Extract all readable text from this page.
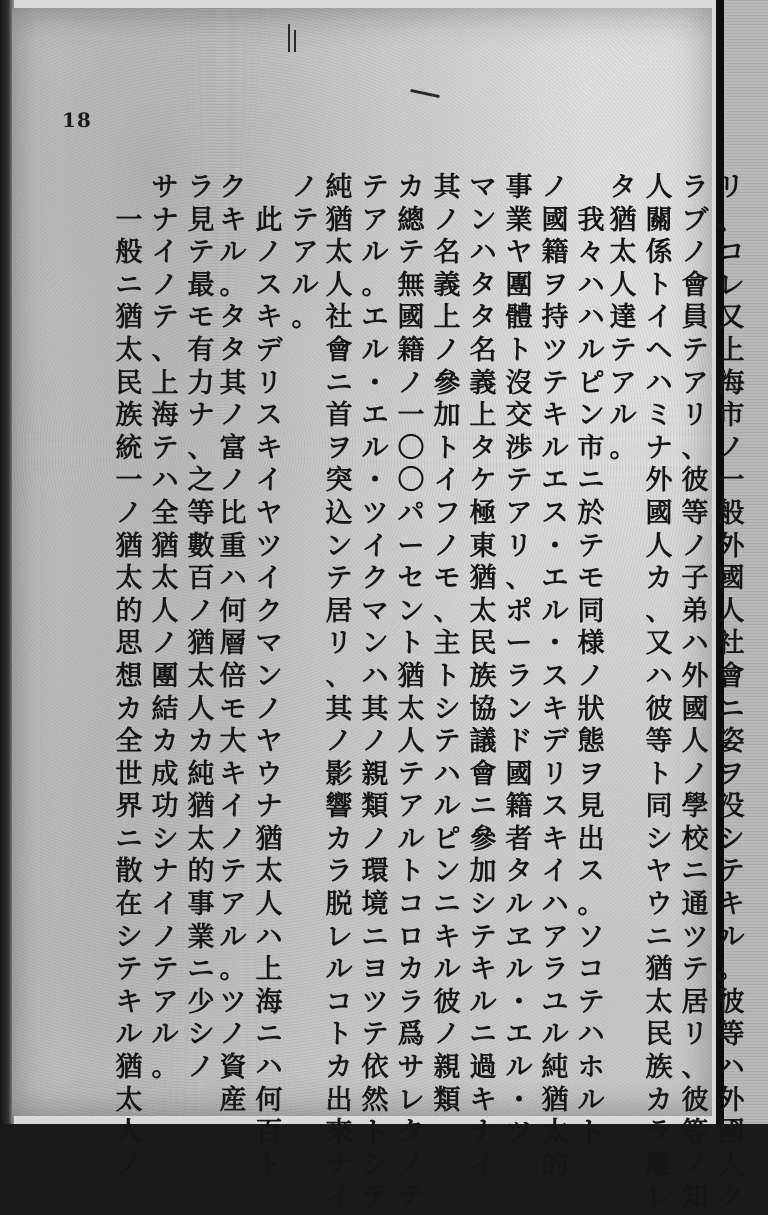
18
リ、コレ又上海市ノ一般外國人社會ニ姿ヲ没シテキル。彼等ハ外國人ク
ラブノ會員テアリ、彼等ノ子弟ハ外國人ノ學校ニ通ツテ居リ、彼等ノ知
人關係トイヘハミナ外國人カ、又ハ彼等ト同シヤウニ猶太民族カラ離レ
タ猶太人達テアル。
　我々ハハルピン市ニ於テモ同様ノ狀態ヲ見出ス。ソコテハホルト
ノ國籍ヲ持ツテキルエス・エル・スキデリスキイハアラユル純猶太的
事業ヤ團體ト沒交渉テアリ、ポーランド國籍者タルヱル・エル・ツ
マンハタタ名義上タケ極東猶太民族協議會ニ參加シテキルニ過キナイ
其ノ名義上ノ參加トイフノモ、主トシテハルピンニキル彼ノ親類
カ總テ無國籍ノ一〇〇パーセント猶太人テアルトコロカラ爲サレタノテ
テアル。エル・エル・ツイクマンハ其ノ親類ノ環境ニヨツテ依然トシテ
純猶太人社會ニ首ヲ突込ンテ居リ、其ノ影響カラ脱レルコトカ出來ナイ
ノテアル。
　此ノスキデリスキイヤツイクマンノヤウナ猶太人ハ上海ニハ何百ト
クキル。タタ其ノ富ノ比重ハ何層倍モ大キイノテアル。ツノ資産
ラ見テ最モ有力ナ、之等數百ノ猶太人カ純猶太的事業ニ少シノ
サナイノテ、上海テハ全猶太人ノ團結カ成功シナイノテアル。
　一般ニ猶太民族統一ノ猶太的思想カ全世界ニ散在シテキル猶太人ノ
